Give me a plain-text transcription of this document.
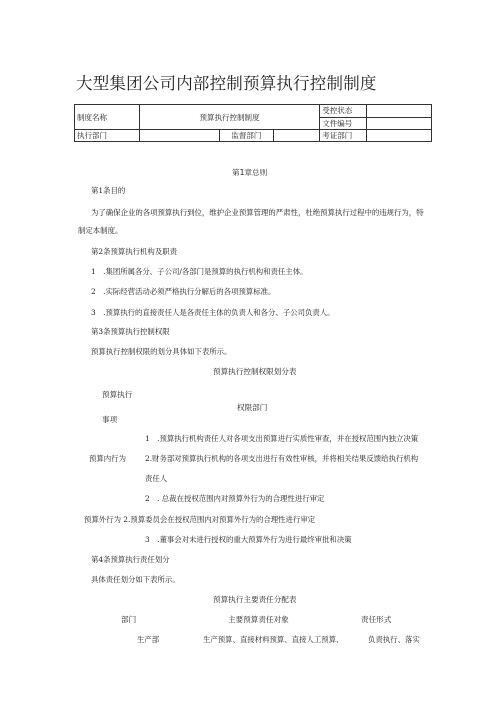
大型集团公司内部控制预算执行控制制度
制度名称	预算执行控制制度			受控状态	
				文件编号	
执行部门		监督部门		考证部门	
第1章总则
第1条目的
为了确保企业的各项预算执行到位，维护企业预算管理的严肃性，杜绝预算执行过程中的违规行为，特
制定本制度。
第2条预算执行机构及职责
1　.集团所属各分、子公司/各部门是预算的执行机构和责任主体。
2　.实际经营活动必须严格执行分解后的各项预算标准。
3　.预算执行的直接责任人是各责任主体的负责人和各分、子公司负责人。
第3条预算执行控制权限
预算执行控制权限的划分具体如下表所示。
预算执行控制权限划分表
预算执行
权限部门
事项
1　.预算执行机构责任人对各项支出预算进行实质性审查，并在授权范围内独立决策
预算内行为	2.财务部对预算执行机构的各项支出进行有效性审核，并将相关结果反馈给执行机构
责任人
2　. 总裁在授权范围内对预算外行为的合理性进行审定
预算外行为 2.预算委员会在授权范围内对预算外行为的合理性进行审定
3　.董事会对未进行授权的重大预算外行为进行最终审批和决策
第4条预算执行责任划分
具体责任划分如下表所示。
预算执行主要责任分配表
部门	主要预算责任对象	责任形式
生产部	生产预算、直接材料预算、直接人工预算、	负责执行、落实
